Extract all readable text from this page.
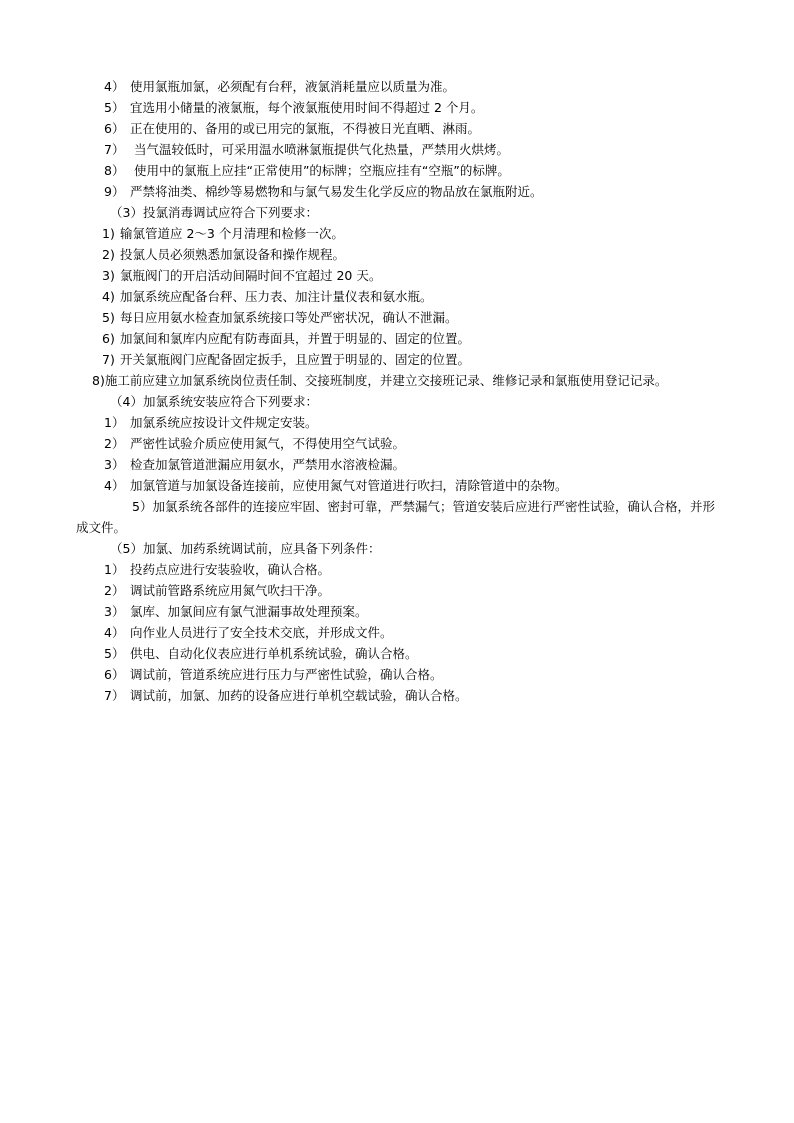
4） 使用氯瓶加氯，必须配有台秤，液氯消耗量应以质量为准。
5） 宜选用小储量的液氯瓶，每个液氯瓶使用时间不得超过 2 个月。
6） 正在使用的、备用的或已用完的氯瓶，不得被日光直晒、淋雨。
7） 当气温较低时，可采用温水喷淋氯瓶提供气化热量，严禁用火烘烤。
8） 使用中的氯瓶上应挂“正常使用”的标牌；空瓶应挂有“空瓶”的标牌。
9） 严禁将油类、棉纱等易燃物和与氯气易发生化学反应的物品放在氯瓶附近。
（3）投氯消毒调试应符合下列要求：
1) 输氯管道应 2～3 个月清理和检修一次。
2) 投氯人员必须熟悉加氯设备和操作规程。
3) 氯瓶阀门的开启活动间隔时间不宜超过 20 天。
4) 加氯系统应配备台秤、压力表、加注计量仪表和氨水瓶。
5) 每日应用氨水检查加氯系统接口等处严密状况，确认不泄漏。
6) 加氯间和氯库内应配有防毒面具，并置于明显的、固定的位置。
7) 开关氯瓶阀门应配备固定扳手，且应置于明显的、固定的位置。
8)施工前应建立加氯系统岗位责任制、交接班制度，并建立交接班记录、维修记录和氯瓶使用登记记录。
（4）加氯系统安装应符合下列要求：
1） 加氯系统应按设计文件规定安装。
2） 严密性试验介质应使用氮气，不得使用空气试验。
3） 检查加氯管道泄漏应用氨水，严禁用水溶液检漏。
4） 加氯管道与加氯设备连接前，应使用氮气对管道进行吹扫，清除管道中的杂物。
5）加氯系统各部件的连接应牢固、密封可靠，严禁漏气；管道安装后应进行严密性试验，确认合格，并形成文件。
（5）加氯、加药系统调试前，应具备下列条件：
1） 投药点应进行安装验收，确认合格。
2） 调试前管路系统应用氮气吹扫干净。
3） 氯库、加氯间应有氯气泄漏事故处理预案。
4） 向作业人员进行了安全技术交底，并形成文件。
5） 供电、自动化仪表应进行单机系统试验，确认合格。
6） 调试前，管道系统应进行压力与严密性试验，确认合格。
7） 调试前，加氯、加药的设备应进行单机空载试验，确认合格。
